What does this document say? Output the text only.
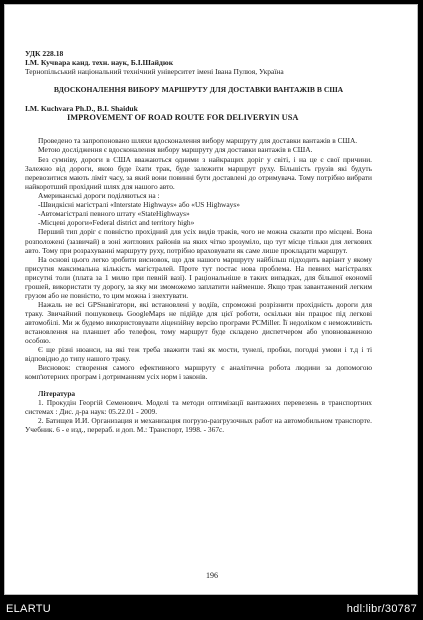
УДК 228.18
І.М. Кучвара канд. техн. наук, Б.І.Шайдюк
Тернопільський національний технічний університет імені Івана Пулюя, Україна
ВДОСКОНАЛЕННЯ ВИБОРУ МАРШРУТУ ДЛЯ ДОСТАВКИ ВАНТАЖІВ В США
I.M. Kuchvara Ph.D., B.I. Shaiduk
IMPROVEMENT OF ROAD ROUTE FOR DELIVERYIN USA

Проведено та запропоновано шляхи вдосконалення вибору маршруту для доставки вантажів в США.

Метою дослідження є вдосконалення вибору маршруту для доставки вантажів в США.

Без сумніву, дороги в США вважаються одними з найкращих доріг у світі, і на це є свої причини. Залежно від дороги, якою буде їхати трак, буде залежити маршрут руху. Більшість грузів які будуть перевозитися мають ліміт часу, за який вони повинні бути доставлені до отримувача. Тому потрібно вибрати найкоротший прохідний шлях для нашого авто.

Американські дороги поділяються на :

-Швидкісні магістралі «Interstate Highways» або «US Highways»

-Автомагістралі певного штату «StateHighways»

-Місцеві дороги«Federal district and territory high»

Перший тип доріг є повністю прохідний для усіх видів траків, чого не можна сказати про місцеві. Вона розположені (зазвичай) в зоні житлових районів на яких чітко зрозуміло, що тут місце тільки для легкових авто. Тому при розрахуванні маршруту руху, потрібно враховувати як саме лише прокладати маршрут.

На основі цього легко зробити висновок, що для нашого маршруту найбільш підходить варіант у якому присутня максимальна кількість магістралей. Проте тут постає нова проблема. На певних магістралях присутні толи (плата за 1 милю при певній вазі). І раціональніше в таких випадках, для більшої економії грошей, використати ту дорогу, за яку ми змоможемо заплатити найменше. Якщо трак завантажений легким грузом або не повністю, то цим можна і знехтувати.

Нажаль не всі GPSнавігатори, які встановлені у водіїв, спроможні розрізнити прохідність дороги для траку. Звичайний пошуковець GoogleMaps не підійде для цієї роботи, оскільки він працює під легкові автомобілі. Ми ж будемо використовувати ліцензійну версію програми PCMiller. Її недоліком є неможливість встановлення на планшет або телефон, тому маршрут буде складено диспетчером або уповноваженою особою.

Є ще різні нюанси, на які теж треба зважити такі як мости, тунелі, пробки, погодні умови і т.д і ті відповідно до типу нашого траку.

Висновок: створення самого ефективного маршруту є аналітична робота людини за допомогою комп'ютерних програм і дотриманням усіх норм і законів.

Література

1. Прокудін Георгій Семенович. Моделі та методи оптимізації вантажних перевезень в транспортних системах : Дис. д-ра наук: 05.22.01 - 2009.

2. Батищев И.И. Организация и механизация погрузо-разгрузочных работ на автомобильном транспорте. Учебник. 6 - е изд., перераб. и доп. М.: Транспорт, 1998. - 367с.

196
ELARTU	hdl:libr/30787
